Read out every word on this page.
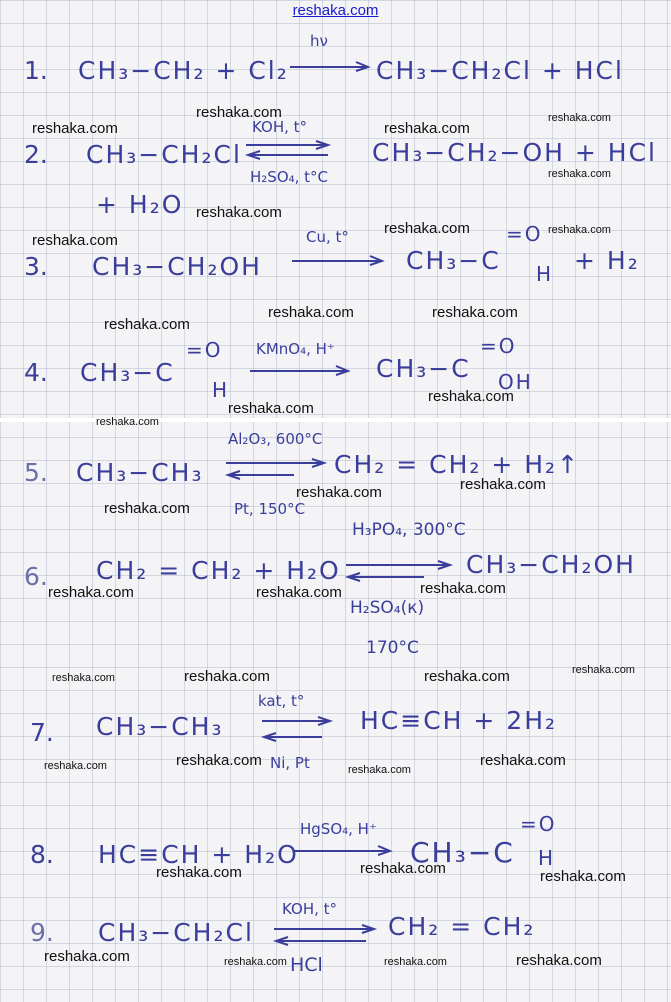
reshaka.com
1. CH₃−CH₂ + Cl₂
hν
CH₃−CH₂Cl + HCl
2. CH₃−CH₂Cl
+ H₂O
KOH, t°
H₂SO₄, t°C
CH₃−CH₂−OH + HCl
3. CH₃−CH₂OH
Cu, t°
CH₃−C
=O
H + H₂
4. CH₃−C
=O
H
KMnO₄, H⁺
CH₃−C
=O
OH
5. CH₃−CH₃
Al₂O₃, 600°C
Pt, 150°C
CH₂ = CH₂ + H₂↑
6. CH₂ = CH₂ + H₂O
H₃PO₄, 300°C
CH₃−CH₂OH
H₂SO₄(к)
170°C
7. CH₃−CH₃
kat, t°
Ni, Pt
HC≡CH + 2H₂
8. HC≡CH + H₂O
HgSO₄, H⁺
CH₃−C
=O
H
9. CH₃−CH₂Cl
KOH, t°
HCl
CH₂ = CH₂
reshaka.com	reshaka.com
reshaka.com	reshaka.com
reshaka.com
reshaka.com
reshaka.com	reshaka.com
reshaka.com
reshaka.com	reshaka.com
reshaka.com
reshaka.com
reshaka.com
reshaka.com
reshaka.com
reshaka.com
reshaka.com
reshaka.com
reshaka.com	reshaka.com
reshaka.com
reshaka.com	reshaka.com
reshaka.com
reshaka.com	reshaka.com
reshaka.com	reshaka.com
reshaka.com
reshaka.com	reshaka.com
reshaka.com	reshaka.com
reshaka.com	reshaka.com
